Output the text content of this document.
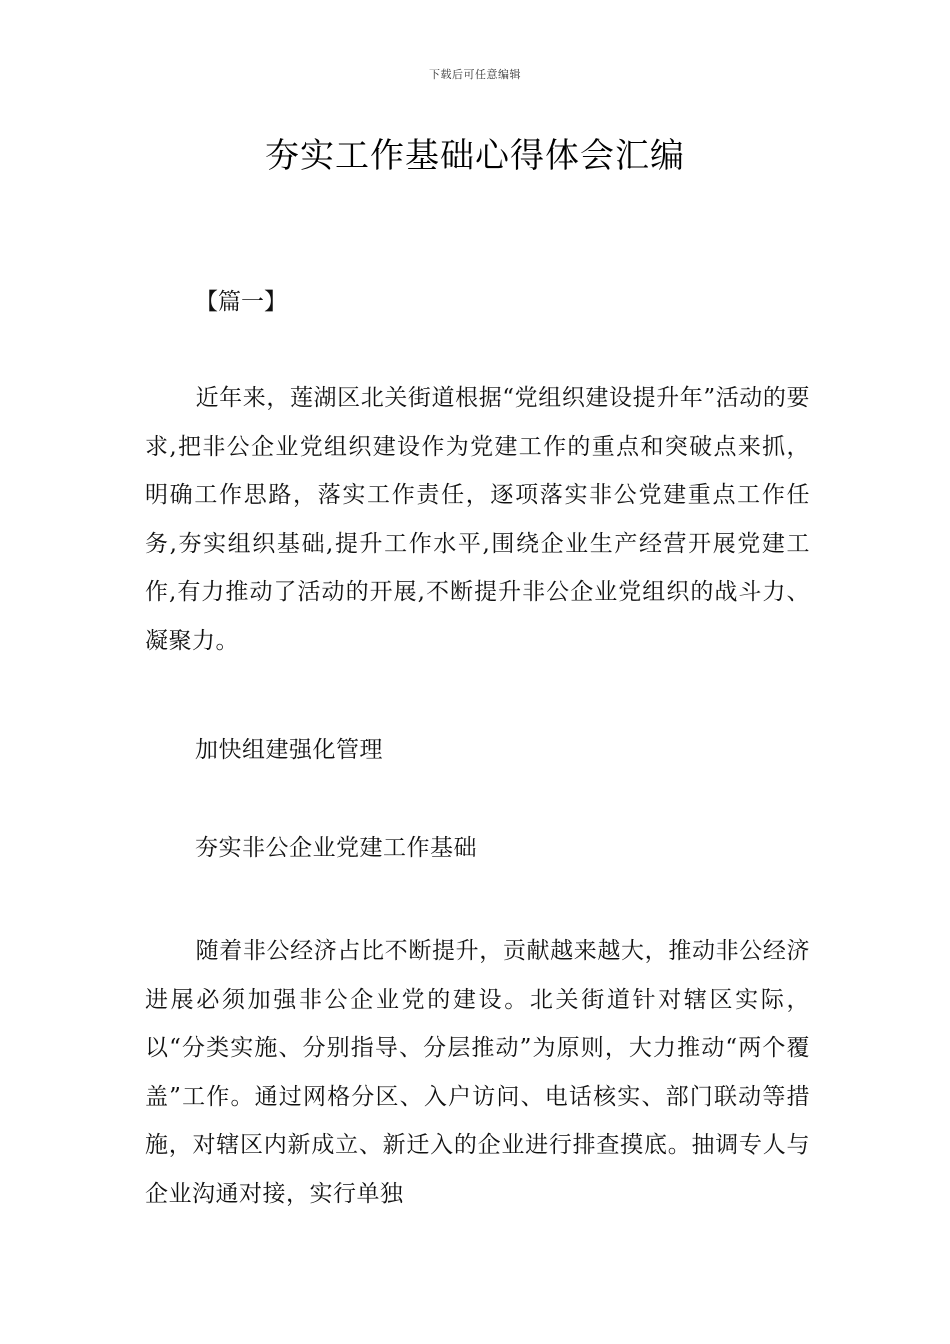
下载后可任意编辑
夯实工作基础心得体会汇编

【篇一】

近年来，莲湖区北关街道根据“党组织建设提升年”活动的要求,把非公企业党组织建设作为党建工作的重点和突破点来抓，明确工作思路，落实工作责任，逐项落实非公党建重点工作任务,夯实组织基础,提升工作水平,围绕企业生产经营开展党建工作,有力推动了活动的开展,不断提升非公企业党组织的战斗力、凝聚力。

加快组建强化管理

夯实非公企业党建工作基础

随着非公经济占比不断提升，贡献越来越大，推动非公经济进展必须加强非公企业党的建设。北关街道针对辖区实际，以“分类实施、分别指导、分层推动”为原则，大力推动“两个覆盖”工作。通过网格分区、入户访问、电话核实、部门联动等措施，对辖区内新成立、新迁入的企业进行排查摸底。抽调专人与企业沟通对接，实行单独
